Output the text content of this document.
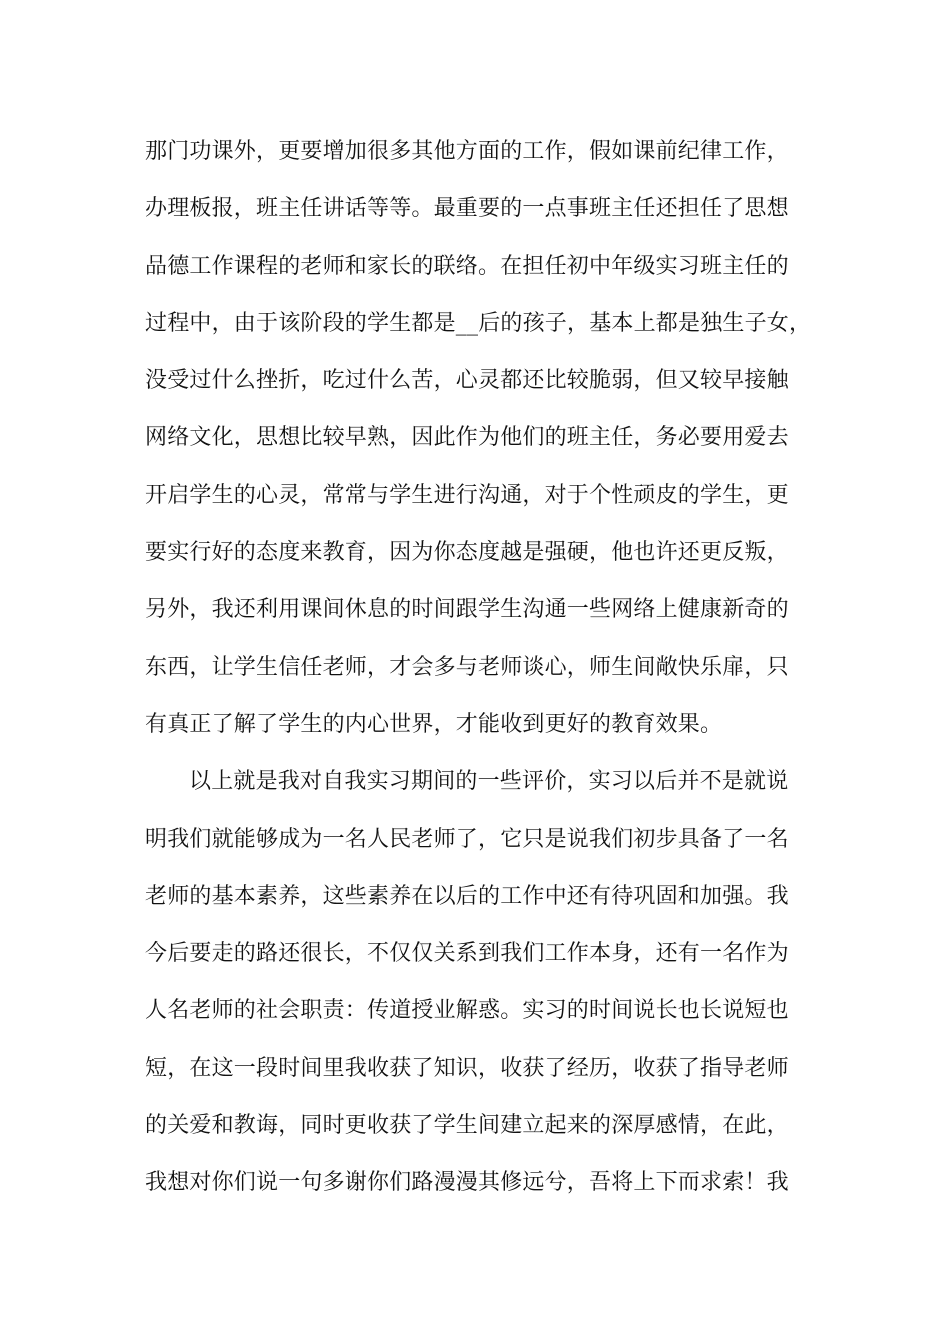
那门功课外，更要增加很多其他方面的工作，假如课前纪律工作，
办理板报，班主任讲话等等。最重要的一点事班主任还担任了思想
品德工作课程的老师和家长的联络。在担任初中年级实习班主任的
过程中，由于该阶段的学生都是__后的孩子，基本上都是独生子女，
没受过什么挫折，吃过什么苦，心灵都还比较脆弱，但又较早接触
网络文化，思想比较早熟，因此作为他们的班主任，务必要用爱去
开启学生的心灵，常常与学生进行沟通，对于个性顽皮的学生，更
要实行好的态度来教育，因为你态度越是强硬，他也许还更反叛，
另外，我还利用课间休息的时间跟学生沟通一些网络上健康新奇的
东西，让学生信任老师，才会多与老师谈心，师生间敞快乐扉，只
有真正了解了学生的内心世界，才能收到更好的教育效果。
以上就是我对自我实习期间的一些评价，实习以后并不是就说
明我们就能够成为一名人民老师了，它只是说我们初步具备了一名
老师的基本素养，这些素养在以后的工作中还有待巩固和加强。我
今后要走的路还很长，不仅仅关系到我们工作本身，还有一名作为
人名老师的社会职责：传道授业解惑。实习的时间说长也长说短也
短，在这一段时间里我收获了知识，收获了经历，收获了指导老师
的关爱和教诲，同时更收获了学生间建立起来的深厚感情，在此，
我想对你们说一句多谢你们路漫漫其修远兮，吾将上下而求索！我
